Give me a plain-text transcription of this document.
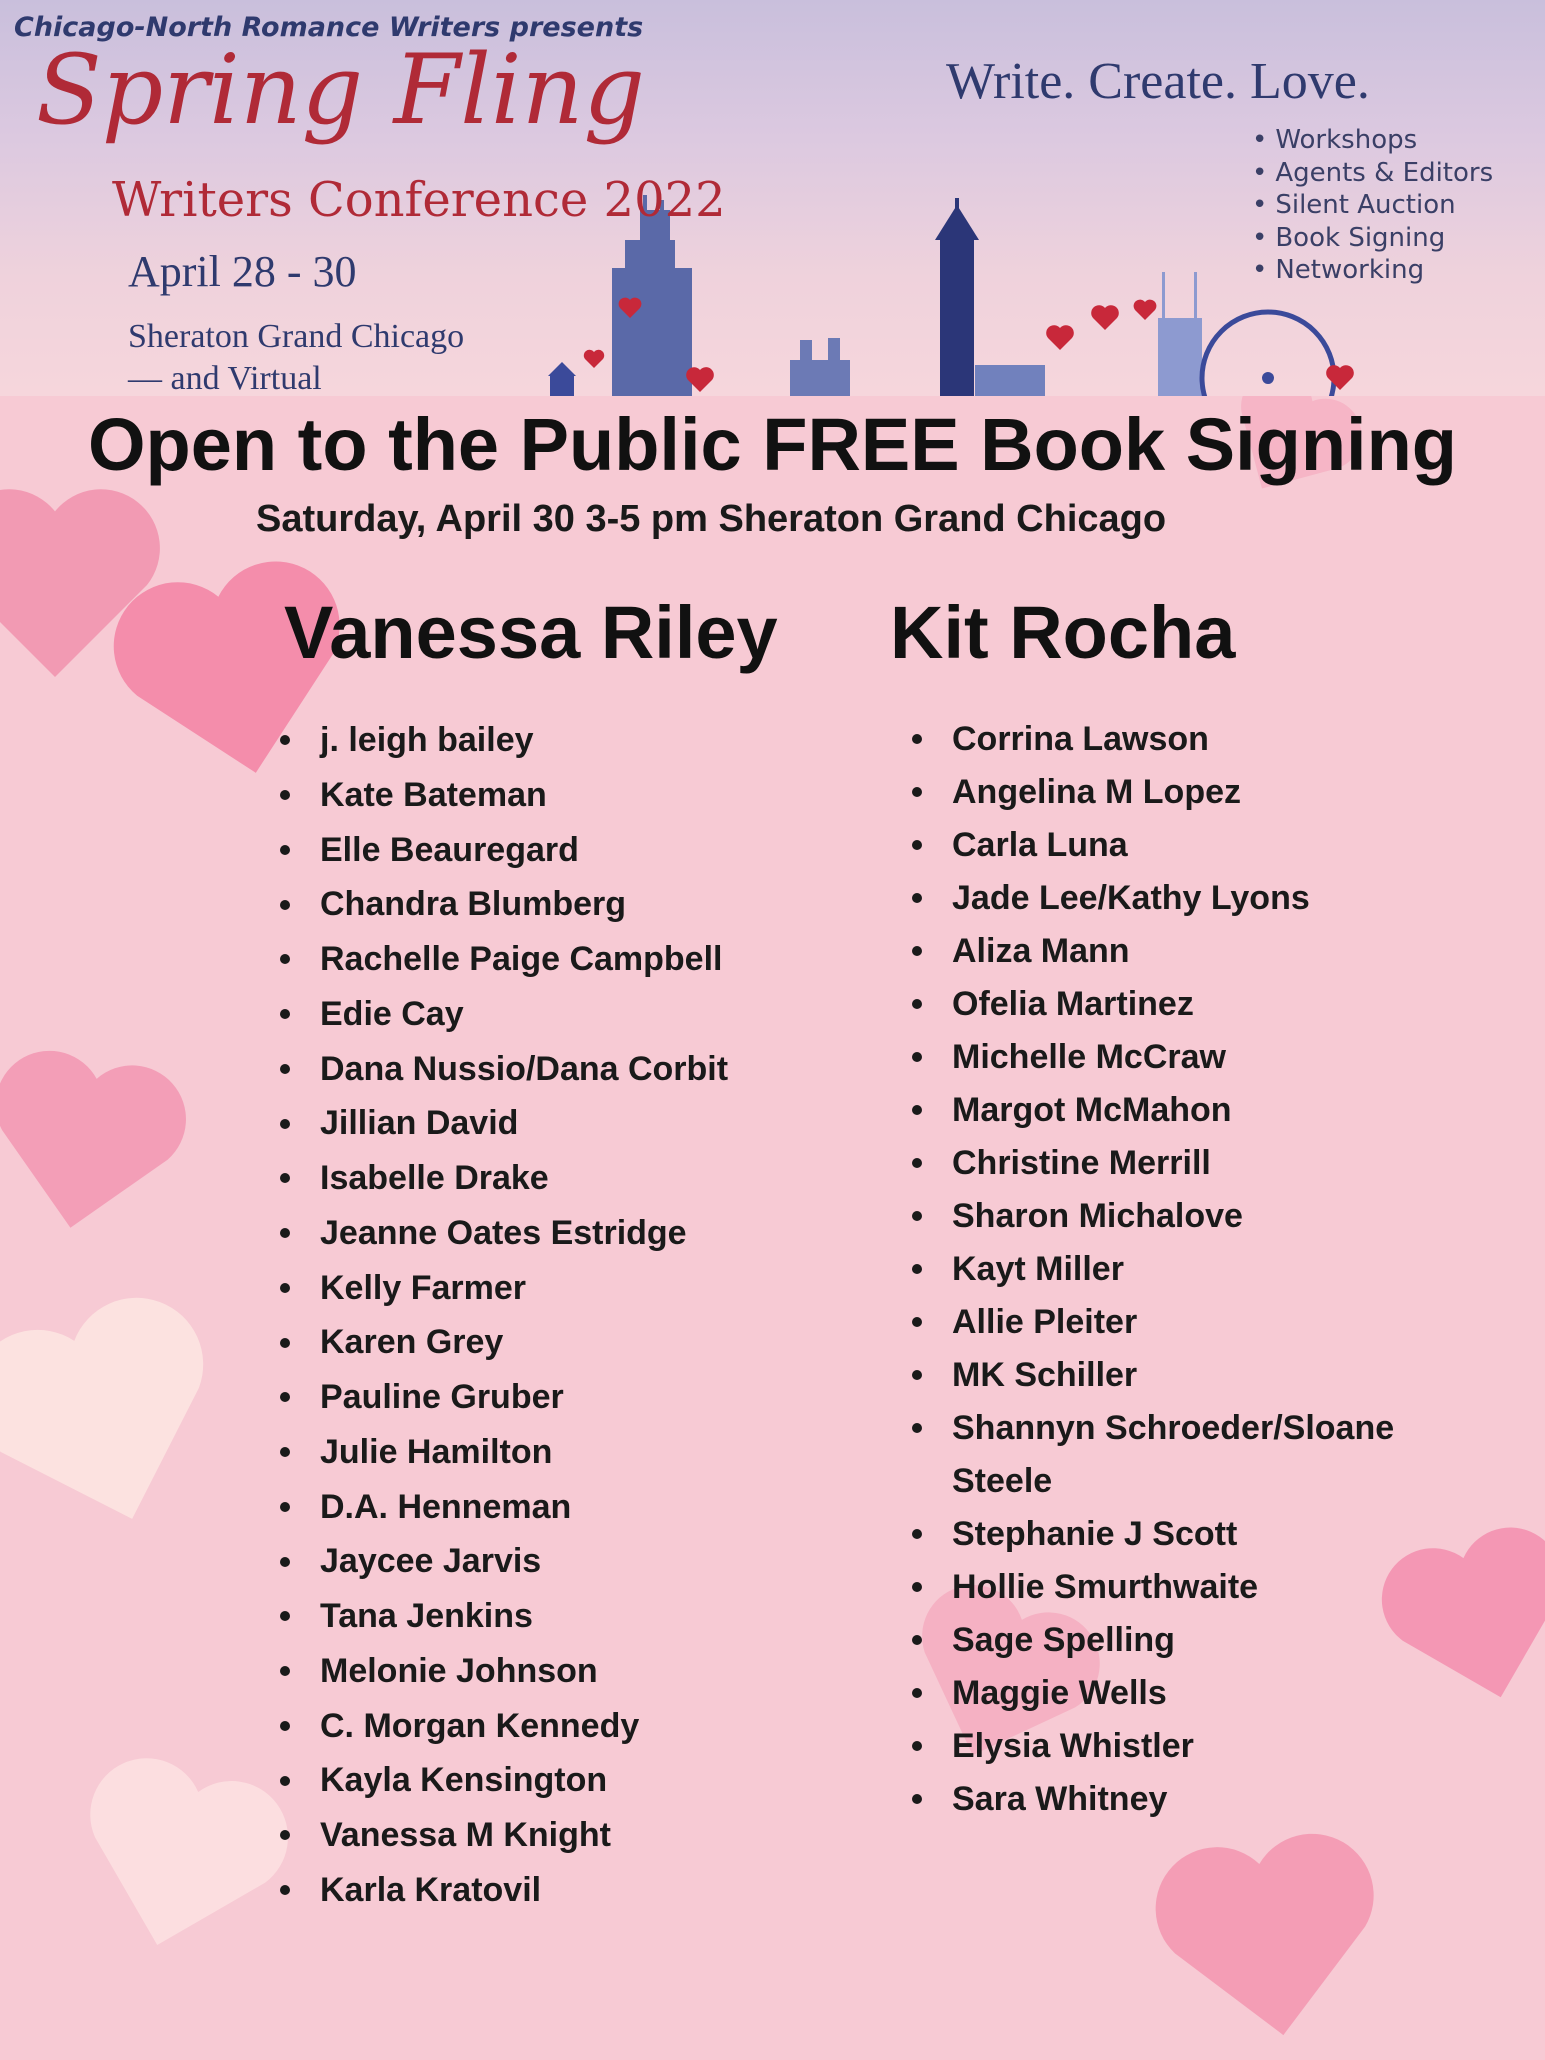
Chicago-North Romance Writers presents
Spring Fling
Writers Conference 2022
April 28 - 30
Sheraton Grand Chicago
— and Virtual
Write. Create. Love.
• Workshops
• Agents & Editors
• Silent Auction
• Book Signing
• Networking
Open to the Public FREE Book Signing
Saturday, April 30 3-5 pm Sheraton Grand Chicago
Vanessa Riley Kit Rocha
j. leigh bailey
Kate Bateman
Elle Beauregard
Chandra Blumberg
Rachelle Paige Campbell
Edie Cay
Dana Nussio/Dana Corbit
Jillian David
Isabelle Drake
Jeanne Oates Estridge
Kelly Farmer
Karen Grey
Pauline Gruber
Julie Hamilton
D.A. Henneman
Jaycee Jarvis
Tana Jenkins
Melonie Johnson
C. Morgan Kennedy
Kayla Kensington
Vanessa M Knight
Karla Kratovil
Corrina Lawson
Angelina M Lopez
Carla Luna
Jade Lee/Kathy Lyons
Aliza Mann
Ofelia Martinez
Michelle McCraw
Margot McMahon
Christine Merrill
Sharon Michalove
Kayt Miller
Allie Pleiter
MK Schiller
Shannyn Schroeder/Sloane Steele
Stephanie J Scott
Hollie Smurthwaite
Sage Spelling
Maggie Wells
Elysia Whistler
Sara Whitney
